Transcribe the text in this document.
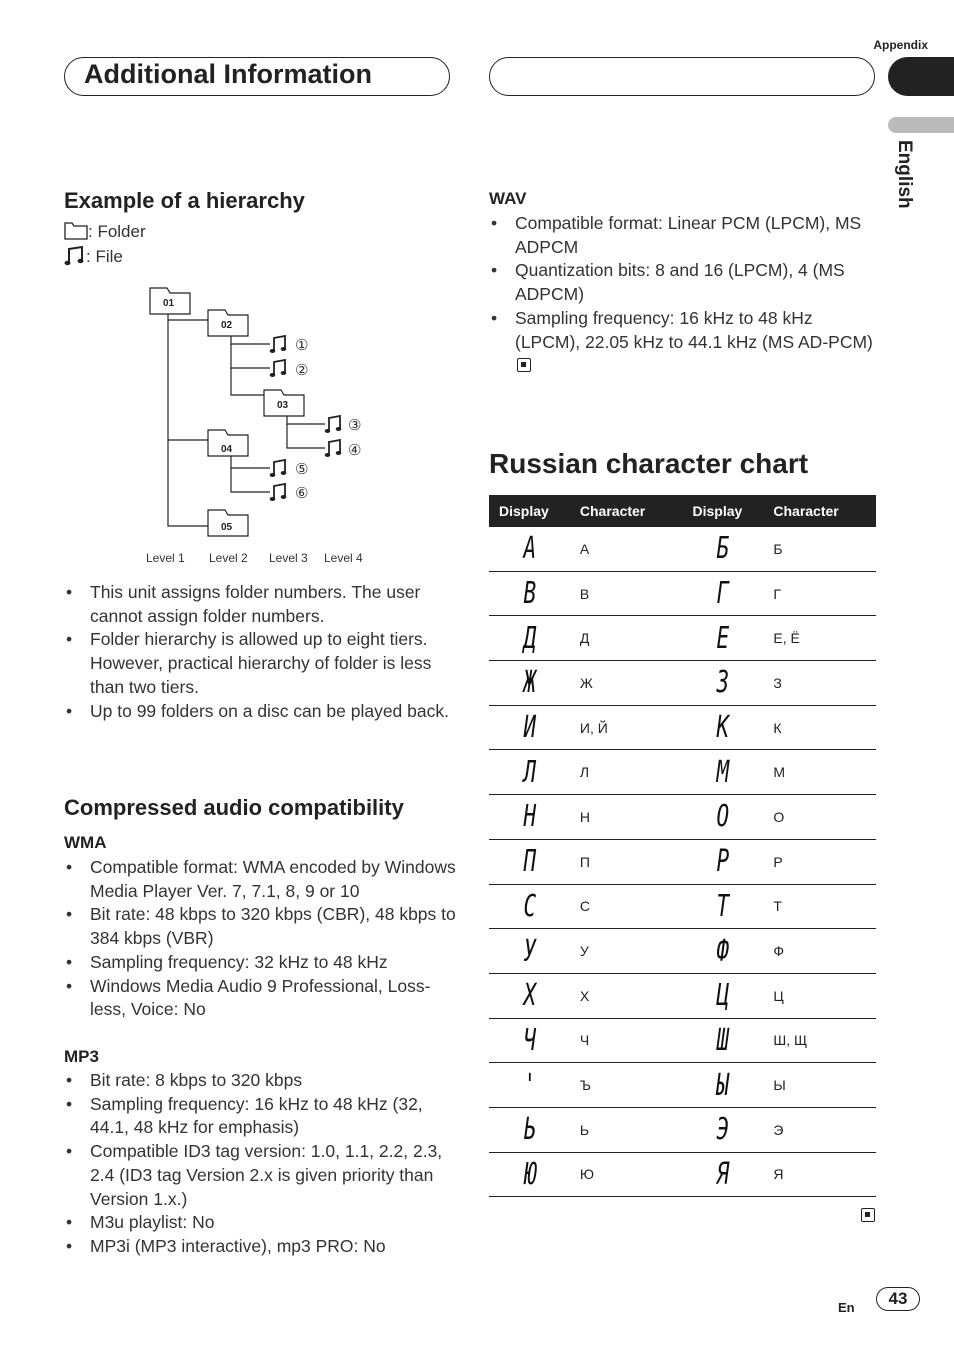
Appendix
Additional Information
English
Example of a hierarchy
: Folder
: File
01
02
03
04
05
①
②
③
④
⑤
⑥
Level 1 Level 2 Level 3 Level 4
• This unit assigns folder numbers. The user cannot assign folder numbers.
• Folder hierarchy is allowed up to eight tiers. However, practical hierarchy of folder is less than two tiers.
• Up to 99 folders on a disc can be played back.
Compressed audio compatibility
WMA
• Compatible format: WMA encoded by Windows Media Player Ver. 7, 7.1, 8, 9 or 10
• Bit rate: 48 kbps to 320 kbps (CBR), 48 kbps to 384 kbps (VBR)
• Sampling frequency: 32 kHz to 48 kHz
• Windows Media Audio 9 Professional, Loss-less, Voice: No
MP3
• Bit rate: 8 kbps to 320 kbps
• Sampling frequency: 16 kHz to 48 kHz (32, 44.1, 48 kHz for emphasis)
• Compatible ID3 tag version: 1.0, 1.1, 2.2, 2.3, 2.4 (ID3 tag Version 2.x is given priority than Version 1.x.)
• M3u playlist: No
• MP3i (MP3 interactive), mp3 PRO: No
WAV
• Compatible format: Linear PCM (LPCM), MS ADPCM
• Quantization bits: 8 and 16 (LPCM), 4 (MS ADPCM)
• Sampling frequency: 16 kHz to 48 kHz (LPCM), 22.05 kHz to 44.1 kHz (MS AD-PCM)
Russian character chart
Display	Character	Display	Character
A	А	Б	Б
B	В	Г	Г
Д	Д	E	Е, Ё
Ж	Ж	З	З
И	И, Й	K	К
Л	Л	M	М
H	Н	O	О
П	П	P	Р
C	С	T	Т
У	У	Ф	Ф
X	Х	Ц	Ц
Ч	Ч	Ш	Ш, Щ
'	Ъ	Ы	Ы
Ь	Ь	Э	Э
Ю	Ю	Я	Я
En	43
